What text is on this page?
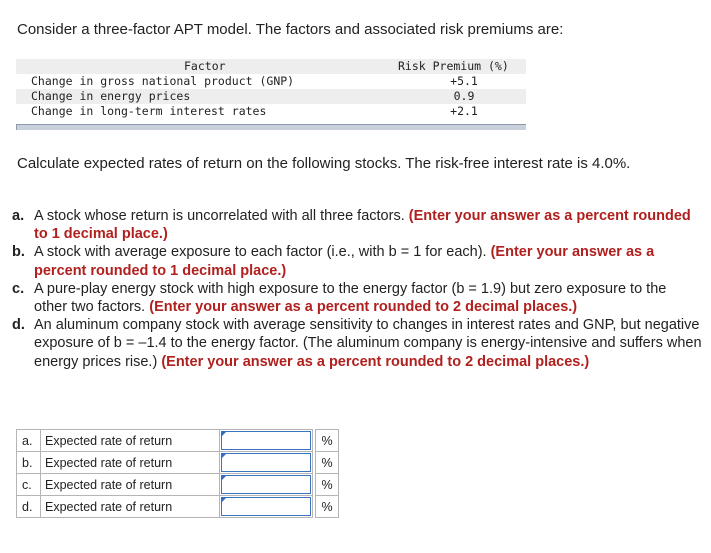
Consider a three-factor APT model. The factors and associated risk premiums are:
Factor	Risk Premium (%)
Change in gross national product (GNP)	+5.1
Change in energy prices	0.9
Change in long-term interest rates	+2.1
Calculate expected rates of return on the following stocks. The risk-free interest rate is 4.0%.
a. A stock whose return is uncorrelated with all three factors. (Enter your answer as a percent rounded to 1 decimal place.)
b. A stock with average exposure to each factor (i.e., with b = 1 for each). (Enter your answer as a percent rounded to 1 decimal place.)
c. A pure-play energy stock with high exposure to the energy factor (b = 1.9) but zero exposure to the other two factors. (Enter your answer as a percent rounded to 2 decimal places.)
d. An aluminum company stock with average sensitivity to changes in interest rates and GNP, but negative exposure of b = –1.4 to the energy factor. (The aluminum company is energy-intensive and suffers when energy prices rise.) (Enter your answer as a percent rounded to 2 decimal places.)
a.	Expected rate of return			%
b.	Expected rate of return			%
c.	Expected rate of return			%
d.	Expected rate of return			%
